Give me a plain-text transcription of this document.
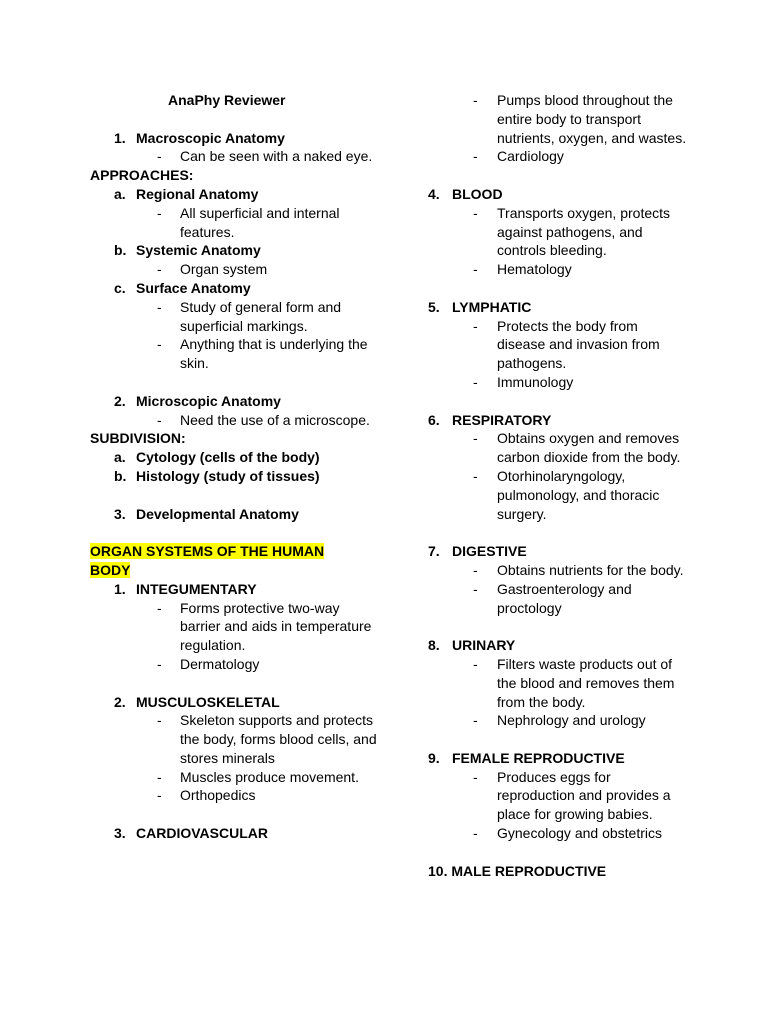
AnaPhy Reviewer
1. Macroscopic Anatomy
-	Can be seen with a naked eye.
APPROACHES:
a. Regional Anatomy
-	All superficial and internal features.
b. Systemic Anatomy
-	Organ system
c. Surface Anatomy
-	Study of general form and superficial markings.
-	Anything that is underlying the skin.
2. Microscopic Anatomy
-	Need the use of a microscope.
SUBDIVISION:
a. Cytology (cells of the body)
b. Histology (study of tissues)
3. Developmental Anatomy
ORGAN SYSTEMS OF THE HUMAN
BODY
1. INTEGUMENTARY
-	Forms protective two-way barrier and aids in temperature regulation.
-	Dermatology
2. MUSCULOSKELETAL
-	Skeleton supports and protects the body, forms blood cells, and stores minerals
-	Muscles produce movement.
-	Orthopedics
3. CARDIOVASCULAR
-	Pumps blood throughout the entire body to transport nutrients, oxygen, and wastes.
-	Cardiology
4. BLOOD
-	Transports oxygen, protects against pathogens, and controls bleeding.
-	Hematology
5. LYMPHATIC
-	Protects the body from disease and invasion from pathogens.
-	Immunology
6. RESPIRATORY
-	Obtains oxygen and removes carbon dioxide from the body.
-	Otorhinolaryngology, pulmonology, and thoracic surgery.
7. DIGESTIVE
-	Obtains nutrients for the body.
-	Gastroenterology and proctology
8. URINARY
-	Filters waste products out of the blood and removes them from the body.
-	Nephrology and urology
9. FEMALE REPRODUCTIVE
-	Produces eggs for reproduction and provides a place for growing babies.
-	Gynecology and obstetrics
10. MALE REPRODUCTIVE
